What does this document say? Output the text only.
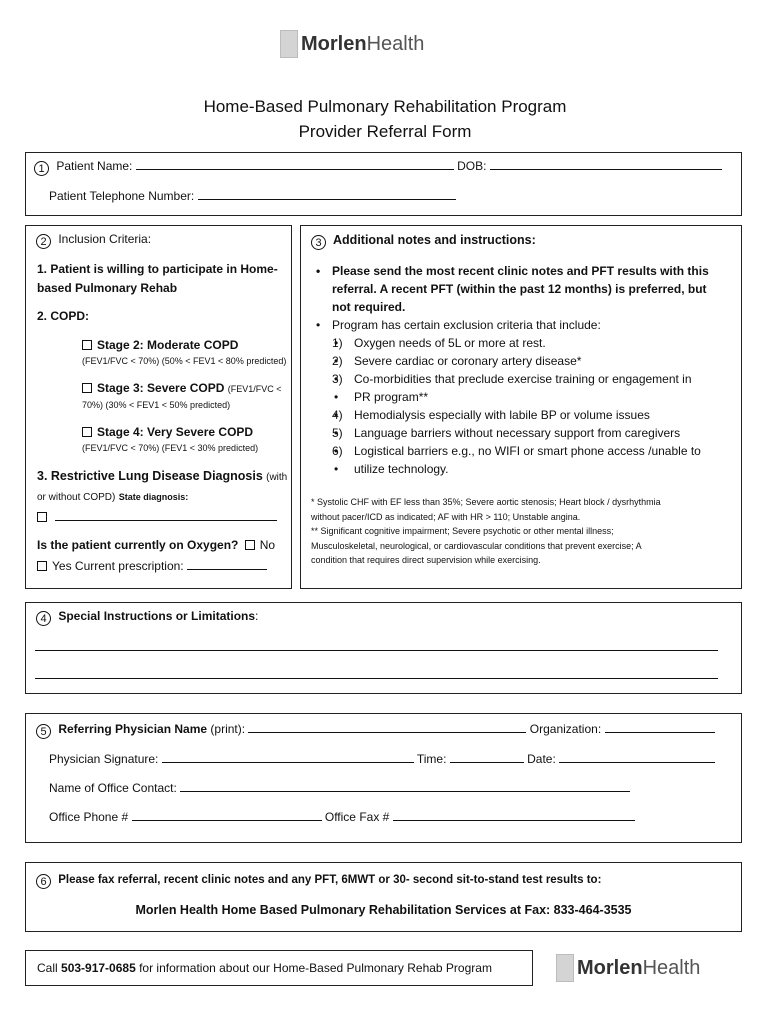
Morlen Health
Home-Based Pulmonary Rehabilitation Program
Provider Referral Form
1 Patient Name:	DOB:
Patient Telephone Number:
2 Inclusion Criteria:
1. Patient is willing to participate in Home-
based Pulmonary Rehab
2. COPD:
Stage 2: Moderate COPD
(FEV1/FVC < 70%) (50% < FEV1 < 80% predicted)
Stage 3: Severe COPD (FEV1/FVC <
70%) (30% < FEV1 < 50% predicted)
Stage 4: Very Severe COPD
(FEV1/FVC < 70%) (FEV1 < 30% predicted)
3. Restrictive Lung Disease Diagnosis (with
or without COPD) State diagnosis:

Is the patient currently on Oxygen? No
Yes Current prescription:
3 Additional notes and instructions:
• Please send the most recent clinic notes and PFT results with this
referral. A recent PFT (within the past 12 months) is preferred, but
not required.
• Program has certain exclusion criteria that include:
• 1) Oxygen needs of 5L or more at rest.
• 2) Severe cardiac or coronary artery disease*
• 3) Co-morbidities that preclude exercise training or engagement in
• PR program**
• 4) Hemodialysis especially with labile BP or volume issues
• 5) Language barriers without necessary support from caregivers
• 6) Logistical barriers e.g., no WIFI or smart phone access /unable to
• utilize technology.
* Systolic CHF with EF less than 35%; Severe aortic stenosis; Heart block / dysrhythmia
without pacer/ICD as indicated; AF with HR > 110; Unstable angina.
** Significant cognitive impairment; Severe psychotic or other mental illness;
Musculoskeletal, neurological, or cardiovascular conditions that prevent exercise; A
condition that requires direct supervision while exercising.
4 Special Instructions or Limitations:
5 Referring Physician Name (print):	Organization:
Physician Signature:	Time:	Date:
Name of Office Contact:
Office Phone #	Office Fax #
6 Please fax referral, recent clinic notes and any PFT, 6MWT or 30- second sit-to-stand test results to:
Morlen Health Home Based Pulmonary Rehabilitation Services at Fax: 833-464-3535
Call 503-917-0685 for information about our Home-Based Pulmonary Rehab Program	Morlen Health
